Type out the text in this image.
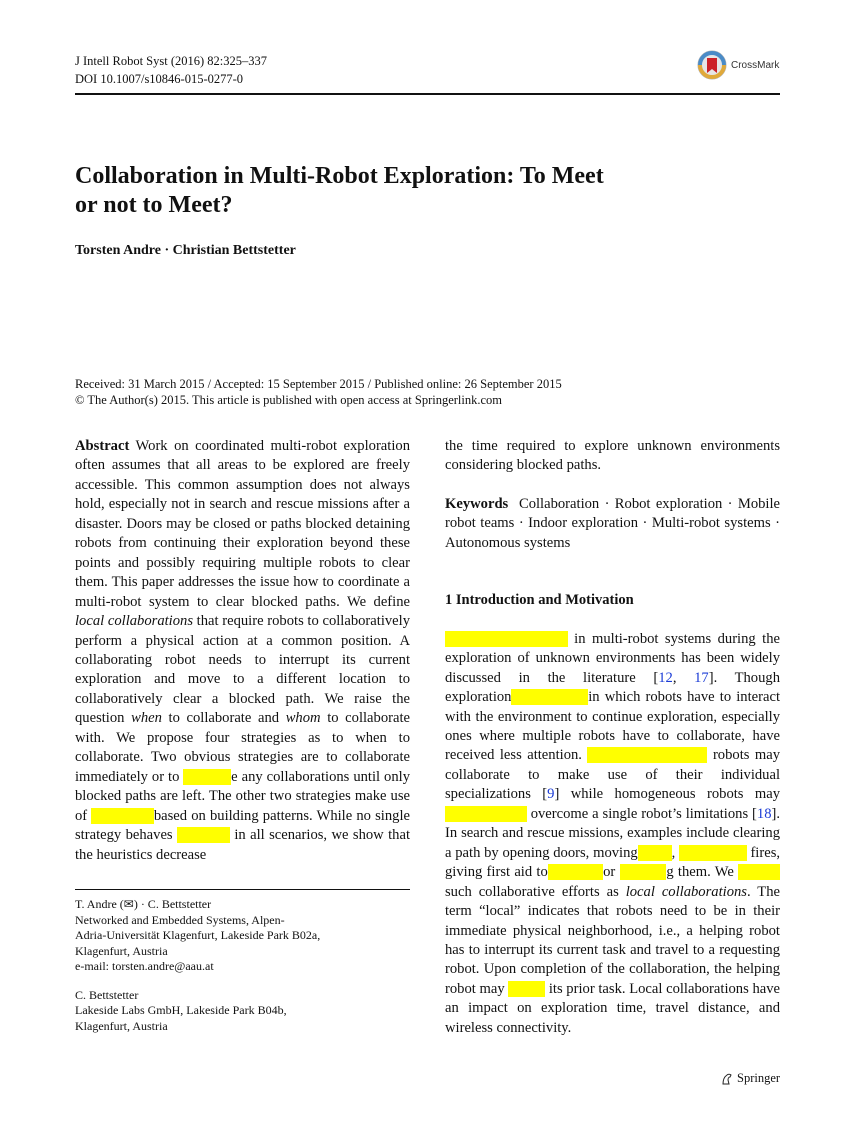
J Intell Robot Syst (2016) 82:325–337
DOI 10.1007/s10846-015-0277-0
CrossMark
Collaboration in Multi-Robot Exploration: To Meet
or not to Meet?
Torsten Andre · Christian Bettstetter
Received: 31 March 2015 / Accepted: 15 September 2015 / Published online: 26 September 2015
© The Author(s) 2015. This article is published with open access at Springerlink.com

Abstract Work on coordinated multi-robot exploration often assumes that all areas to be explored are freely accessible. This common assumption does not always hold, especially not in search and rescue missions after a disaster. Doors may be closed or paths blocked detaining robots from continuing their exploration beyond these points and possibly requiring multiple robots to clear them. This paper addresses the issue how to coordinate a multi-robot system to clear blocked paths. We define local collaborations that require robots to collaboratively perform a physical action at a common position. A collaborating robot needs to interrupt its current exploration and move to a different location to collaboratively clear a blocked path. We raise the question when to collaborate and whom to collaborate with. We propose four strategies as to when to collaborate. Two obvious strategies are to collaborate immediately or to	e any collaborations until only blocked paths are left. The other two strategies make use of	based on building patterns. While no single strategy behaves	in all scenarios, we show that the heuristics decrease

T. Andre (✉) · C. Bettstetter
Networked and Embedded Systems, Alpen-
Adria-Universität Klagenfurt, Lakeside Park B02a,
Klagenfurt, Austria
e-mail: torsten.andre@aau.at
C. Bettstetter
Lakeside Labs GmbH, Lakeside Park B04b,
Klagenfurt, Austria

the time required to explore unknown environments considering blocked paths.

Keywords Collaboration · Robot exploration · Mobile robot teams · Indoor exploration · Multi-robot systems · Autonomous systems

1 Introduction and Motivation

in multi-robot systems during the exploration of unknown environments has been widely discussed in the literature [12, 17]. Though exploration	in which robots have to interact with the environment to continue exploration, especially ones where multiple robots have to collaborate, have received less attention.	robots may collaborate to make use of their individual specializations [9] while homogeneous robots may                       overcome a single robot’s limitations [18]. In search and rescue missions, examples include clearing a path by opening doors, moving ,	fires, giving first aid to	or	g them. We            such collaborative efforts as local collaborations. The term “local” indicates that robots need to be in their immediate physical neighborhood, i.e., a helping robot has to interrupt its current task and travel to a requesting robot. Upon completion of the collaboration, the helping robot may	its prior task. Local collaborations have an impact on exploration time, travel distance, and wireless connectivity.

Springer
